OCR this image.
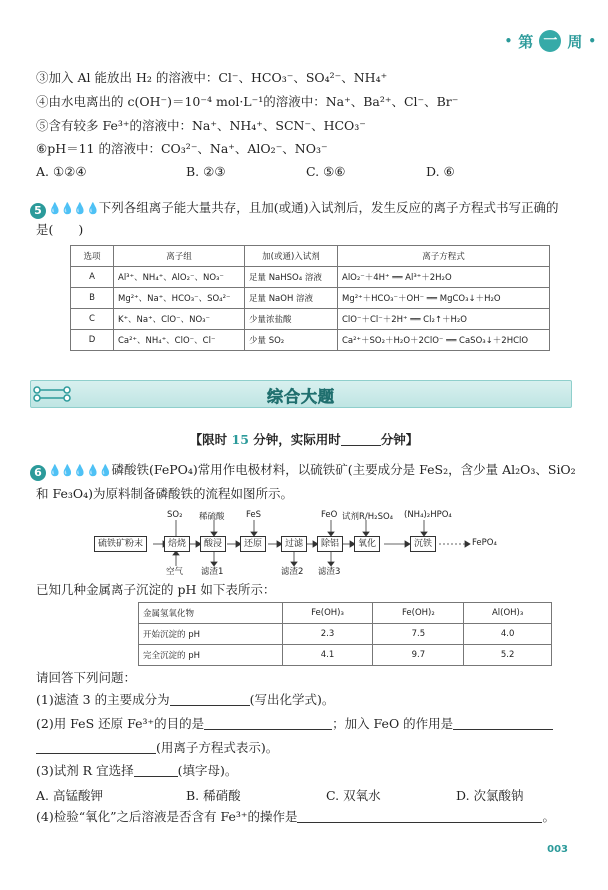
• 第 一 周 •
③加入 Al 能放出 H₂ 的溶液中：Cl⁻、HCO₃⁻、SO₄²⁻、NH₄⁺
④由水电离出的 c(OH⁻)＝10⁻⁴ mol·L⁻¹的溶液中：Na⁺、Ba²⁺、Cl⁻、Br⁻
⑤含有较多 Fe³⁺的溶液中：Na⁺、NH₄⁺、SCN⁻、HCO₃⁻
⑥pH＝11 的溶液中：CO₃²⁻、Na⁺、AlO₂⁻、NO₃⁻
A. ①②④	B. ②③	C. ⑤⑥	D. ⑥
5 💧💧💧💧下列各组离子能大量共存，且加(或通)入试剂后，发生反应的离子方程式书写正确的
是(　　)
选项	离子组	加(或通)入试剂	离子方程式
A	Al³⁺、NH₄⁺、AlO₂⁻、NO₃⁻	足量 NaHSO₄ 溶液	AlO₂⁻＋4H⁺ ══ Al³⁺＋2H₂O
B	Mg²⁺、Na⁺、HCO₃⁻、SO₄²⁻	足量 NaOH 溶液	Mg²⁺＋HCO₃⁻＋OH⁻ ══ MgCO₃↓＋H₂O
C	K⁺、Na⁺、ClO⁻、NO₃⁻	少量浓盐酸	ClO⁻＋Cl⁻＋2H⁺ ══ Cl₂↑＋H₂O
D	Ca²⁺、NH₄⁺、ClO⁻、Cl⁻	少量 SO₂	Ca²⁺＋SO₂＋H₂O＋2ClO⁻ ══ CaSO₃↓＋2HClO
综合大题
【限时 15 分钟，实际用时	分钟】
6 💧💧💧💧💧磷酸铁(FePO₄)常用作电极材料，以硫铁矿(主要成分是 FeS₂，含少量 Al₂O₃、SiO₂
和 Fe₃O₄)为原料制备磷酸铁的流程如图所示。
硫铁矿粉末	焙烧	酸浸	还原	过滤	除铝	氧化	沉铁	FePO₄
SO₂ 稀硫酸	FeS	FeO 试剂R/H₂SO₄ (NH₄)₂HPO₄
空气 滤渣1	滤渣2 滤渣3
已知几种金属离子沉淀的 pH 如下表所示：
金属氢氧化物	Fe(OH)₃	Fe(OH)₂	Al(OH)₃
开始沉淀的 pH	2.3	7.5	4.0
完全沉淀的 pH	4.1	9.7	5.2
请回答下列问题：
(1)滤渣 3 的主要成分为	(写出化学式)。
(2)用 FeS 还原 Fe³⁺的目的是	；加入 FeO 的作用是
(用离子方程式表示)。
(3)试剂 R 宜选择	(填字母)。
A. 高锰酸钾	B. 稀硝酸	C. 双氧水	D. 次氯酸钠
(4)检验“氧化”之后溶液是否含有 Fe³⁺的操作是	。
003
